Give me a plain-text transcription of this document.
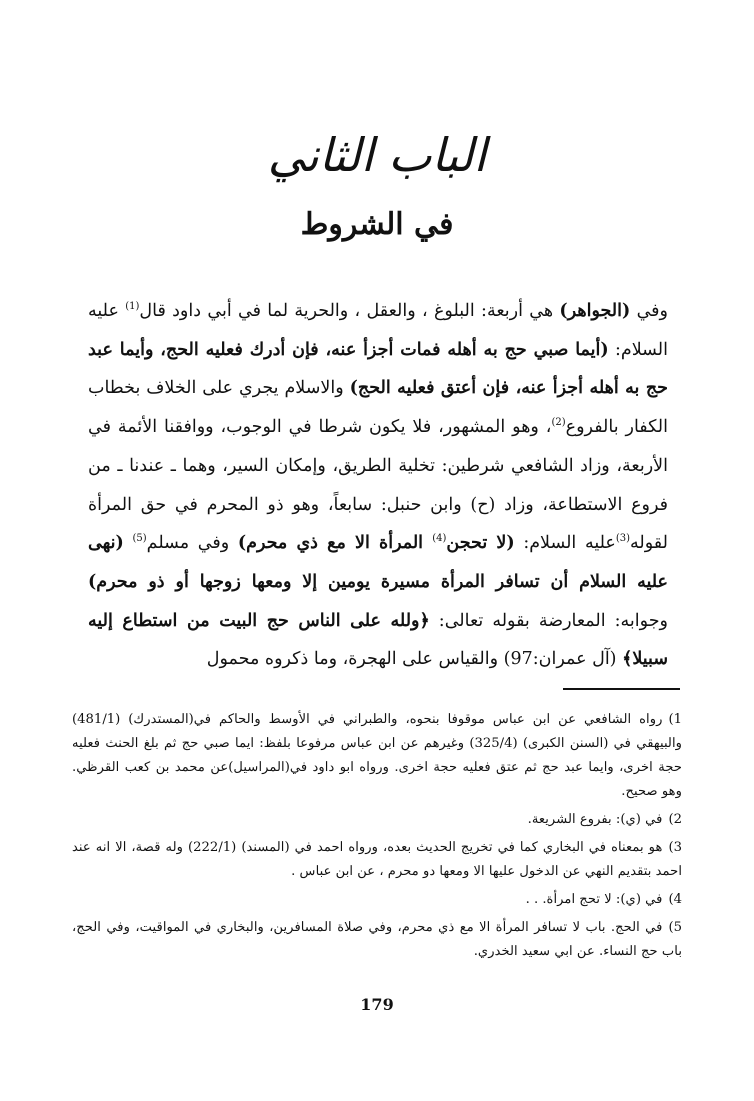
الباب الثاني
في الشروط

وفي (الجواهر) هي أربعة: البلوغ ، والعقل ، والحرية لما في أبي داود قال$^{(1)}$ عليه السلام: (أيما صبي حج به أهله فمات أجزأ عنه، فإن أدرك فعليه الحج، وأيما عبد حج به أهله أجزأ عنه، فإن أعتق فعليه الحج) والاسلام يجري على الخلاف بخطاب الكفار بالفروع$^{(2)}$، وهو المشهور، فلا يكون شرطا في الوجوب، ووافقنا الأئمة في الأربعة، وزاد الشافعي شرطين: تخلية الطريق، وإمكان السير، وهما ـ عندنا ـ من فروع الاستطاعة، وزاد (ح) وابن حنبل: سابعاً، وهو ذو المحرم في حق المرأة لقوله$^{(3)}$عليه السلام: (لا تحجن$^{(4)}$ المرأة الا مع ذي محرم) وفي مسلم$^{(5)}$ (نهى عليه السلام أن تسافر المرأة مسيرة يومين إلا ومعها زوجها أو ذو محرم) وجوابه: المعارضة بقوله تعالى: ﴿ولله على الناس حج البيت من استطاع إليه سبيلا﴾ (آل عمران:97) والقياس على الهجرة، وما ذكروه محمول

1)رواه الشافعي عن ابن عباس موقوفا بنحوه، والطبراني في الأوسط والحاكم في(المستدرك) (481/1) والبيهقي في (السنن الكبرى) (325/4) وغيرهم عن ابن عباس مرفوعا بلفظ: ايما صبي حج ثم بلغ الحنث فعليه حجة اخرى، وايما عبد حج ثم عتق فعليه حجة اخرى. ورواه ابو داود في(المراسيل)عن محمد بن كعب القرظي. وهو صحيح.

2)في (ي): بفروع الشريعة.

3)هو بمعناه في البخاري كما في تخريج الحديث بعده، ورواه احمد في (المسند) (222/1) وله قصة، الا انه عند احمد بتقديم النهي عن الدخول عليها الا ومعها دو محرم ، عن ابن عباس .

4)في (ي): لا تحج امرأة. . .

5)في الحج. باب لا تسافر المرأة الا مع ذي محرم، وفي صلاة المسافرين، والبخاري في المواقيت، وفي الحج، باب حج النساء. عن ابي سعيد الخدري.

179
